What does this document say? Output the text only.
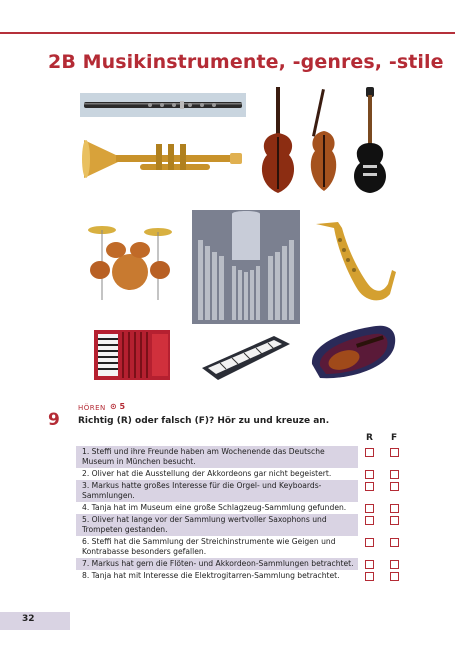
2B Musikinstrumente, -genres, -stile
9
HÖREN ⊙ 5
Richtig (R) oder falsch (F)? Hör zu und kreuze an.
R F
1. Steffi und ihre Freunde haben am Wochenende das Deutsche Museum in München besucht.
2. Oliver hat die Ausstellung der Akkordeons gar nicht begeistert.
3. Markus hatte großes Interesse für die Orgel- und Keyboards-Sammlungen.
4. Tanja hat im Museum eine große Schlagzeug-Sammlung gefunden.
5. Oliver hat lange vor der Sammlung wertvoller Saxophons und Trompeten gestanden.
6. Steffi hat die Sammlung der Streichinstrumente wie Geigen und Kontrabasse besonders gefallen.
7. Markus hat gern die Flöten- und Akkordeon-Sammlungen betrachtet.
8. Tanja hat mit Interesse die Elektrogitarren-Sammlung betrachtet.
32
